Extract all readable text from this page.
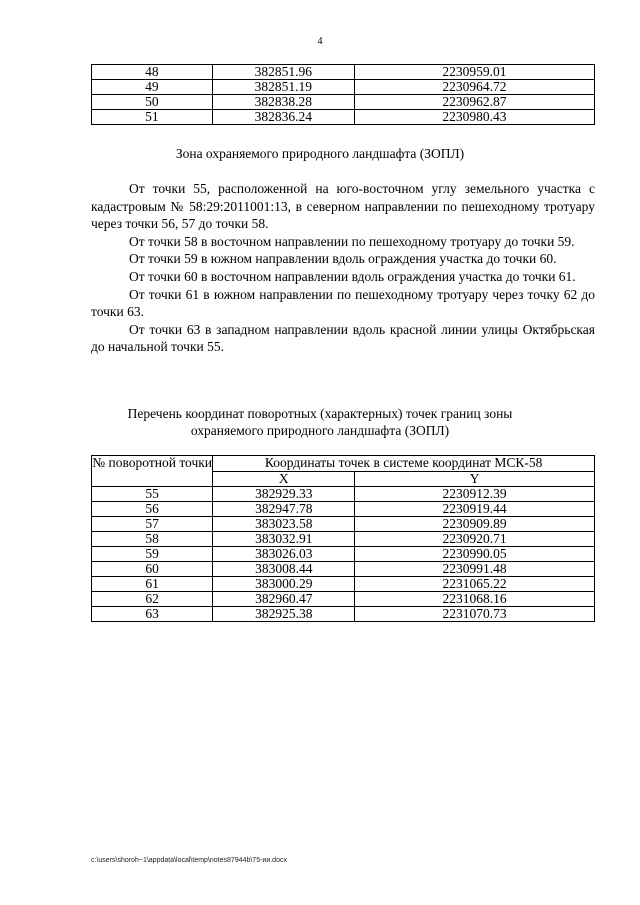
4
48	382851.96	2230959.01
49	382851.19	2230964.72
50	382838.28	2230962.87
51	382836.24	2230980.43
Зона охраняемого природного ландшафта (ЗОПЛ)

От точки 55, расположенной на юго-восточном углу земельного участка с кадастровым № 58:29:2011001:13, в северном направлении по пешеходному тротуару через точки 56, 57 до точки 58.

От точки 58 в восточном направлении по пешеходному тротуару до точки 59.

От точки 59 в южном направлении вдоль ограждения участка до точки 60.

От точки 60 в восточном направлении вдоль ограждения участка до точки 61.

От точки 61 в южном направлении по пешеходному тротуару через точку 62 до точки 63.

От точки 63 в западном направлении вдоль красной линии улицы Октябрьская до начальной точки 55.

Перечень координат поворотных (характерных) точек границ зоны
охраняемого природного ландшафта (ЗОПЛ)
№ поворотной точки	Координаты точек в системе координат МСК-58	
	X	Y
55	382929.33	2230912.39
56	382947.78	2230919.44
57	383023.58	2230909.89
58	383032.91	2230920.71
59	383026.03	2230990.05
60	383008.44	2230991.48
61	383000.29	2231065.22
62	382960.47	2231068.16
63	382925.38	2231070.73
c:\users\shoroh~1\appdata\local\temp\notes87944b\75-ии.docx
